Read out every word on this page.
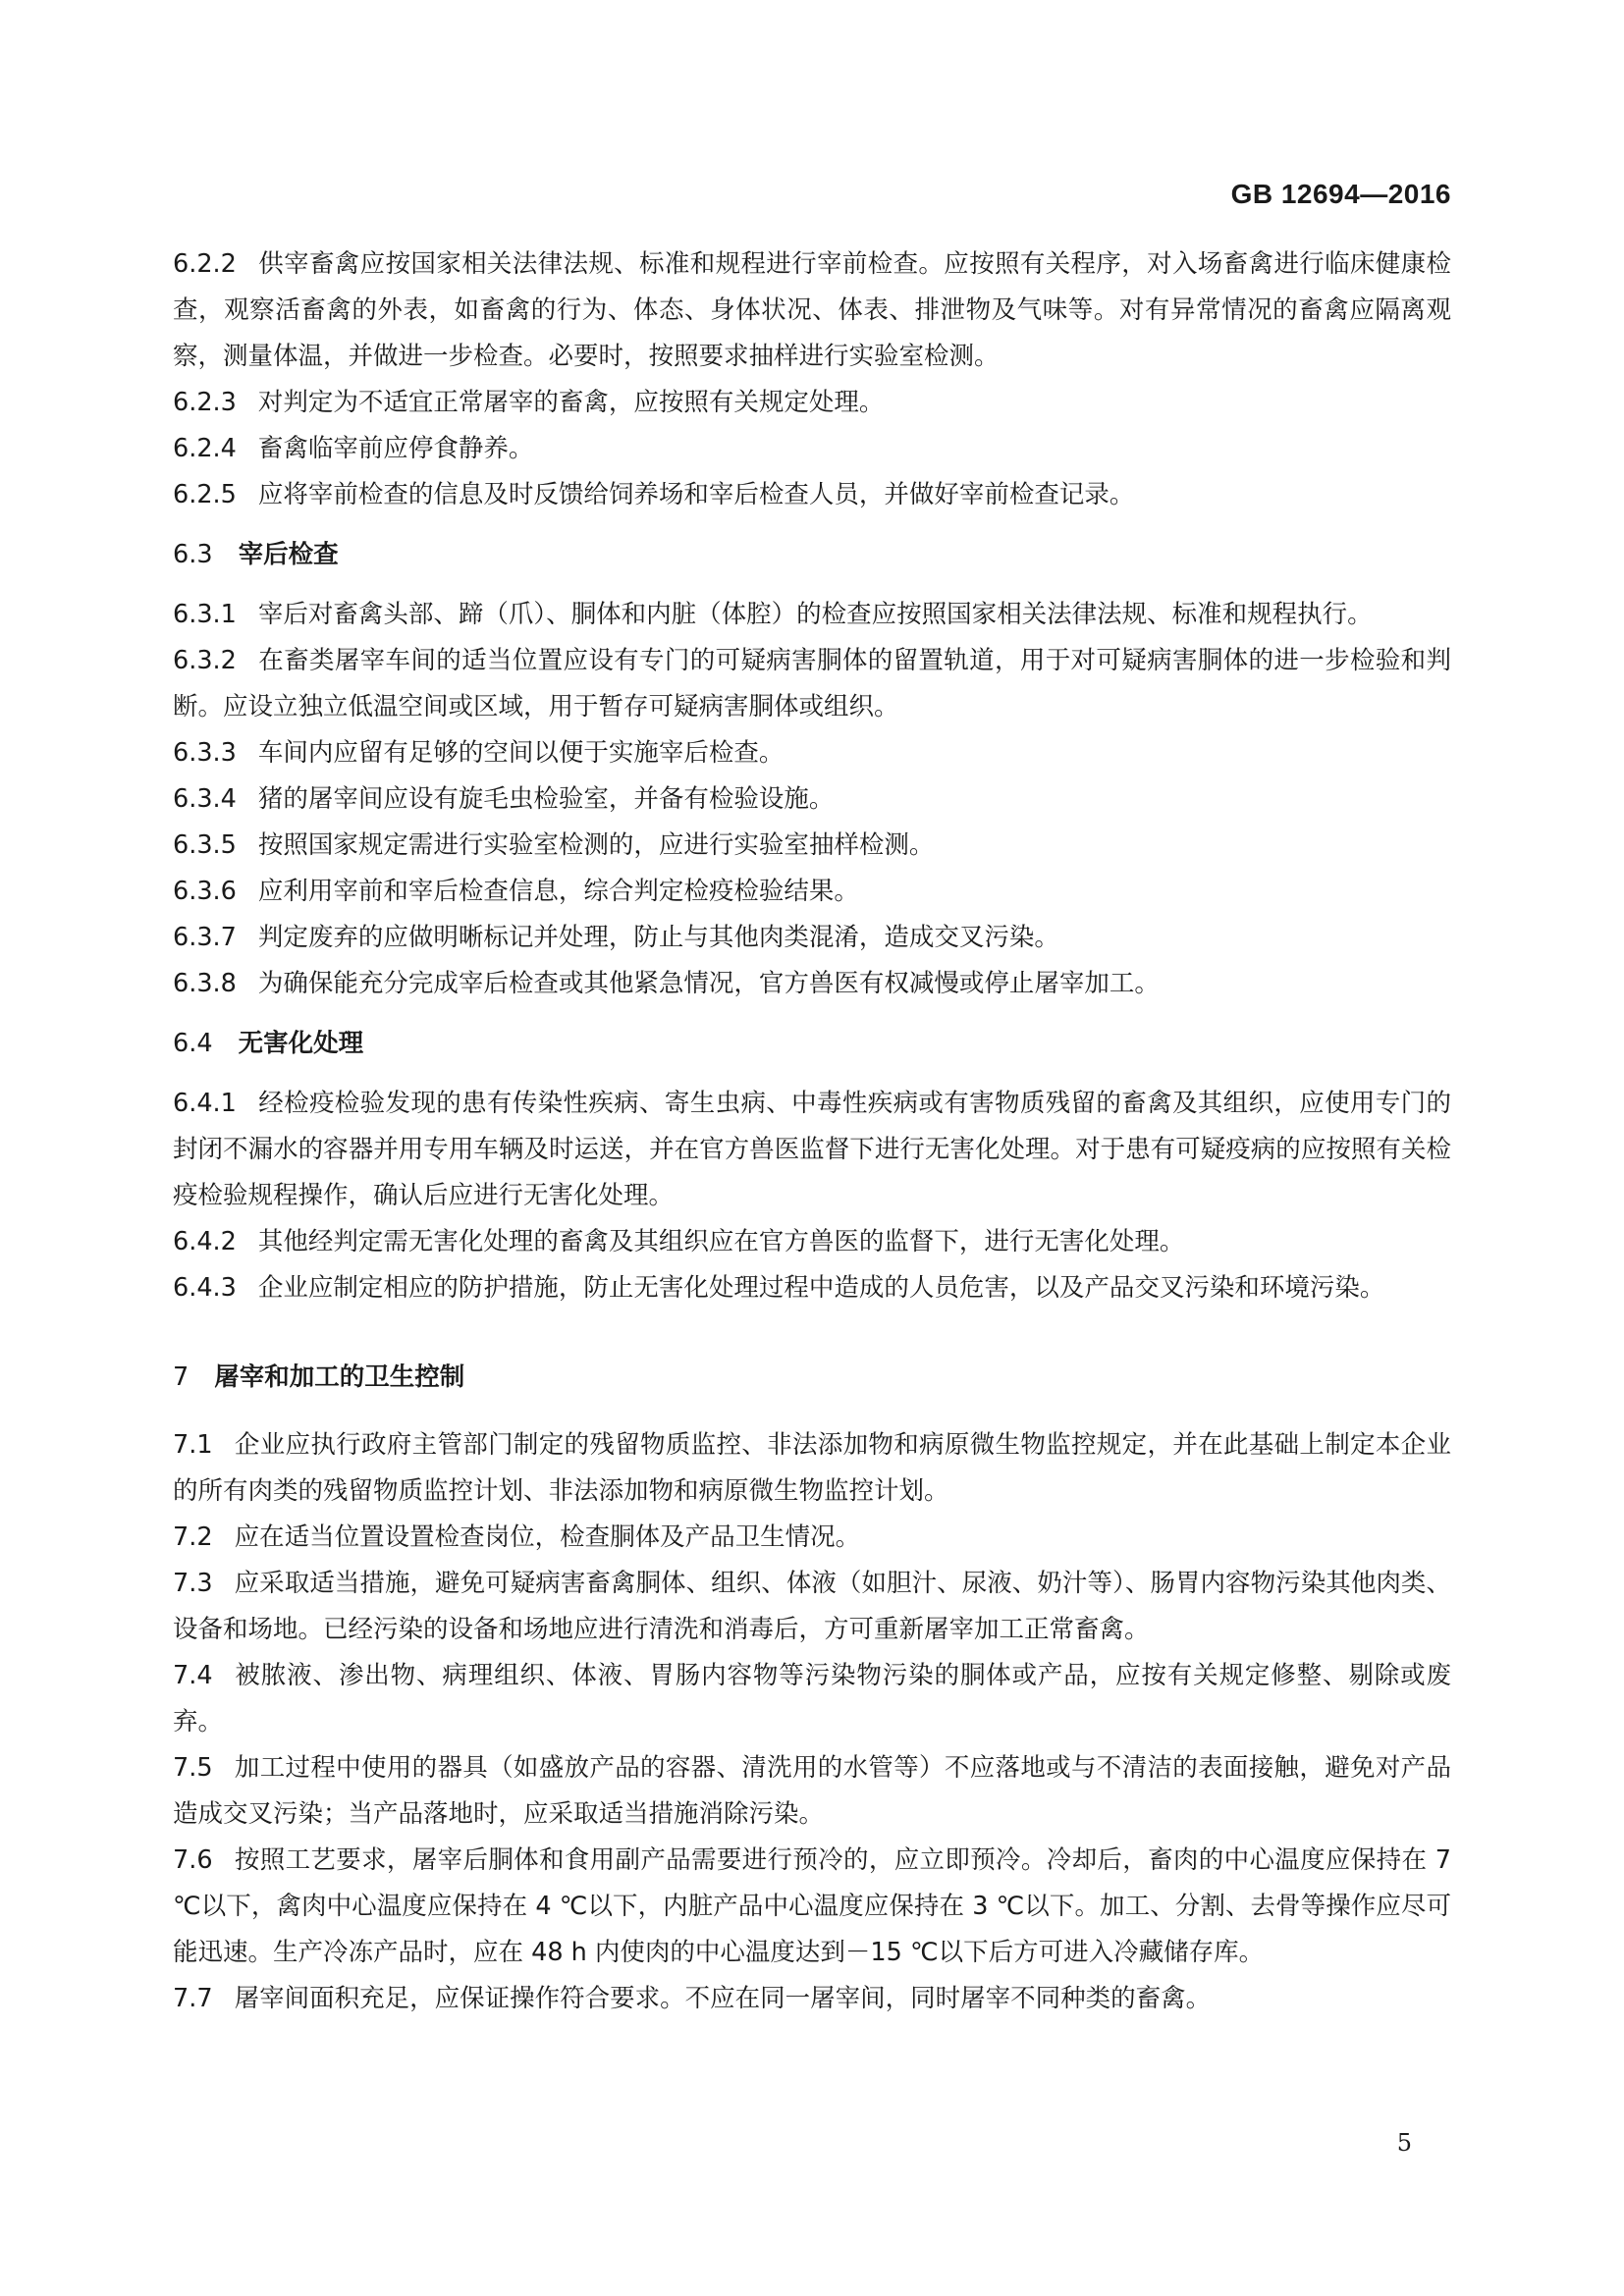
GB 12694—2016

6.2.2 供宰畜禽应按国家相关法律法规、标准和规程进行宰前检查。应按照有关程序，对入场畜禽进行临床健康检查，观察活畜禽的外表，如畜禽的行为、体态、身体状况、体表、排泄物及气味等。对有异常情况的畜禽应隔离观察，测量体温，并做进一步检查。必要时，按照要求抽样进行实验室检测。

6.2.3 对判定为不适宜正常屠宰的畜禽，应按照有关规定处理。

6.2.4 畜禽临宰前应停食静养。

6.2.5 应将宰前检查的信息及时反馈给饲养场和宰后检查人员，并做好宰前检查记录。

6.3 宰后检查

6.3.1 宰后对畜禽头部、蹄（爪）、胴体和内脏（体腔）的检查应按照国家相关法律法规、标准和规程执行。

6.3.2 在畜类屠宰车间的适当位置应设有专门的可疑病害胴体的留置轨道，用于对可疑病害胴体的进一步检验和判断。应设立独立低温空间或区域，用于暂存可疑病害胴体或组织。

6.3.3 车间内应留有足够的空间以便于实施宰后检查。

6.3.4 猪的屠宰间应设有旋毛虫检验室，并备有检验设施。

6.3.5 按照国家规定需进行实验室检测的，应进行实验室抽样检测。

6.3.6 应利用宰前和宰后检查信息，综合判定检疫检验结果。

6.3.7 判定废弃的应做明晰标记并处理，防止与其他肉类混淆，造成交叉污染。

6.3.8 为确保能充分完成宰后检查或其他紧急情况，官方兽医有权减慢或停止屠宰加工。

6.4 无害化处理

6.4.1 经检疫检验发现的患有传染性疾病、寄生虫病、中毒性疾病或有害物质残留的畜禽及其组织，应使用专门的封闭不漏水的容器并用专用车辆及时运送，并在官方兽医监督下进行无害化处理。对于患有可疑疫病的应按照有关检疫检验规程操作，确认后应进行无害化处理。

6.4.2 其他经判定需无害化处理的畜禽及其组织应在官方兽医的监督下，进行无害化处理。

6.4.3 企业应制定相应的防护措施，防止无害化处理过程中造成的人员危害，以及产品交叉污染和环境污染。

7 屠宰和加工的卫生控制

7.1 企业应执行政府主管部门制定的残留物质监控、非法添加物和病原微生物监控规定，并在此基础上制定本企业的所有肉类的残留物质监控计划、非法添加物和病原微生物监控计划。

7.2 应在适当位置设置检查岗位，检查胴体及产品卫生情况。

7.3 应采取适当措施，避免可疑病害畜禽胴体、组织、体液（如胆汁、尿液、奶汁等）、肠胃内容物污染其他肉类、设备和场地。已经污染的设备和场地应进行清洗和消毒后，方可重新屠宰加工正常畜禽。

7.4 被脓液、渗出物、病理组织、体液、胃肠内容物等污染物污染的胴体或产品，应按有关规定修整、剔除或废弃。

7.5 加工过程中使用的器具（如盛放产品的容器、清洗用的水管等）不应落地或与不清洁的表面接触，避免对产品造成交叉污染；当产品落地时，应采取适当措施消除污染。

7.6 按照工艺要求，屠宰后胴体和食用副产品需要进行预冷的，应立即预冷。冷却后，畜肉的中心温度应保持在 7 ℃以下，禽肉中心温度应保持在 4 ℃以下，内脏产品中心温度应保持在 3 ℃以下。加工、分割、去骨等操作应尽可能迅速。生产冷冻产品时，应在 48 h 内使肉的中心温度达到－15 ℃以下后方可进入冷藏储存库。

7.7 屠宰间面积充足，应保证操作符合要求。不应在同一屠宰间，同时屠宰不同种类的畜禽。

5
